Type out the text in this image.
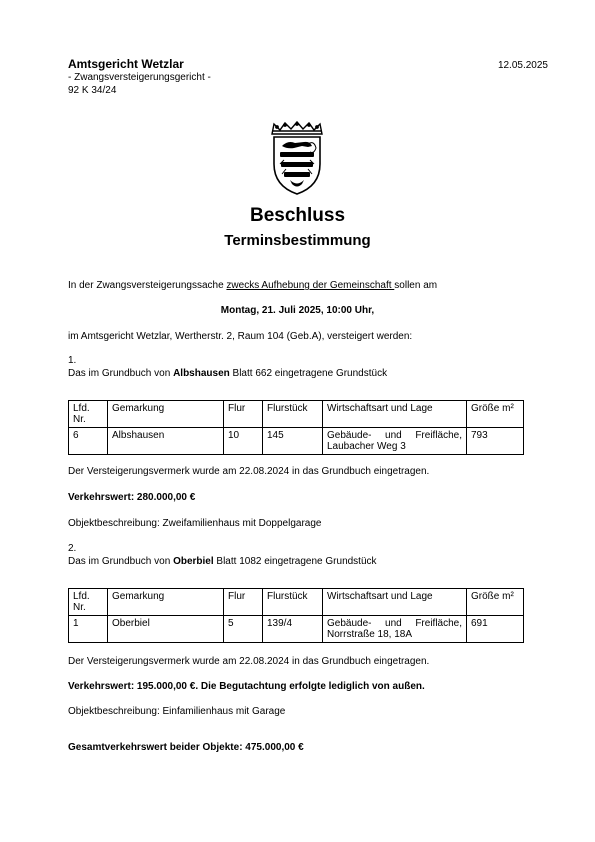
Amtsgericht Wetzlar
- Zwangsversteigerungsgericht -
92 K 34/24
12.05.2025
Beschluss
Terminsbestimmung
In der Zwangsversteigerungssache zwecks Aufhebung der Gemeinschaft sollen am
Montag, 21. Juli 2025, 10:00 Uhr,
im Amtsgericht Wetzlar, Wertherstr. 2, Raum 104 (Geb.A), versteigert werden:
1.
Das im Grundbuch von Albshausen Blatt 662 eingetragene Grundstück
Lfd. Nr.	Gemarkung	Flur	Flurstück	Wirtschaftsart und Lage	Größe m²
6	Albshausen	10	145	Gebäude- und Freifläche,
Laubacher Weg 3	793
Der Versteigerungsvermerk wurde am 22.08.2024 in das Grundbuch eingetragen.
Verkehrswert: 280.000,00 €
Objektbeschreibung: Zweifamilienhaus mit Doppelgarage
2.
Das im Grundbuch von Oberbiel Blatt 1082 eingetragene Grundstück
Lfd. Nr.	Gemarkung	Flur	Flurstück	Wirtschaftsart und Lage	Größe m²
1	Oberbiel	5	139/4	Gebäude- und Freifläche,
Norrstraße 18, 18A	691
Der Versteigerungsvermerk wurde am 22.08.2024 in das Grundbuch eingetragen.
Verkehrswert: 195.000,00 €. Die Begutachtung erfolgte lediglich von außen.
Objektbeschreibung: Einfamilienhaus mit Garage
Gesamtverkehrswert beider Objekte: 475.000,00 €
